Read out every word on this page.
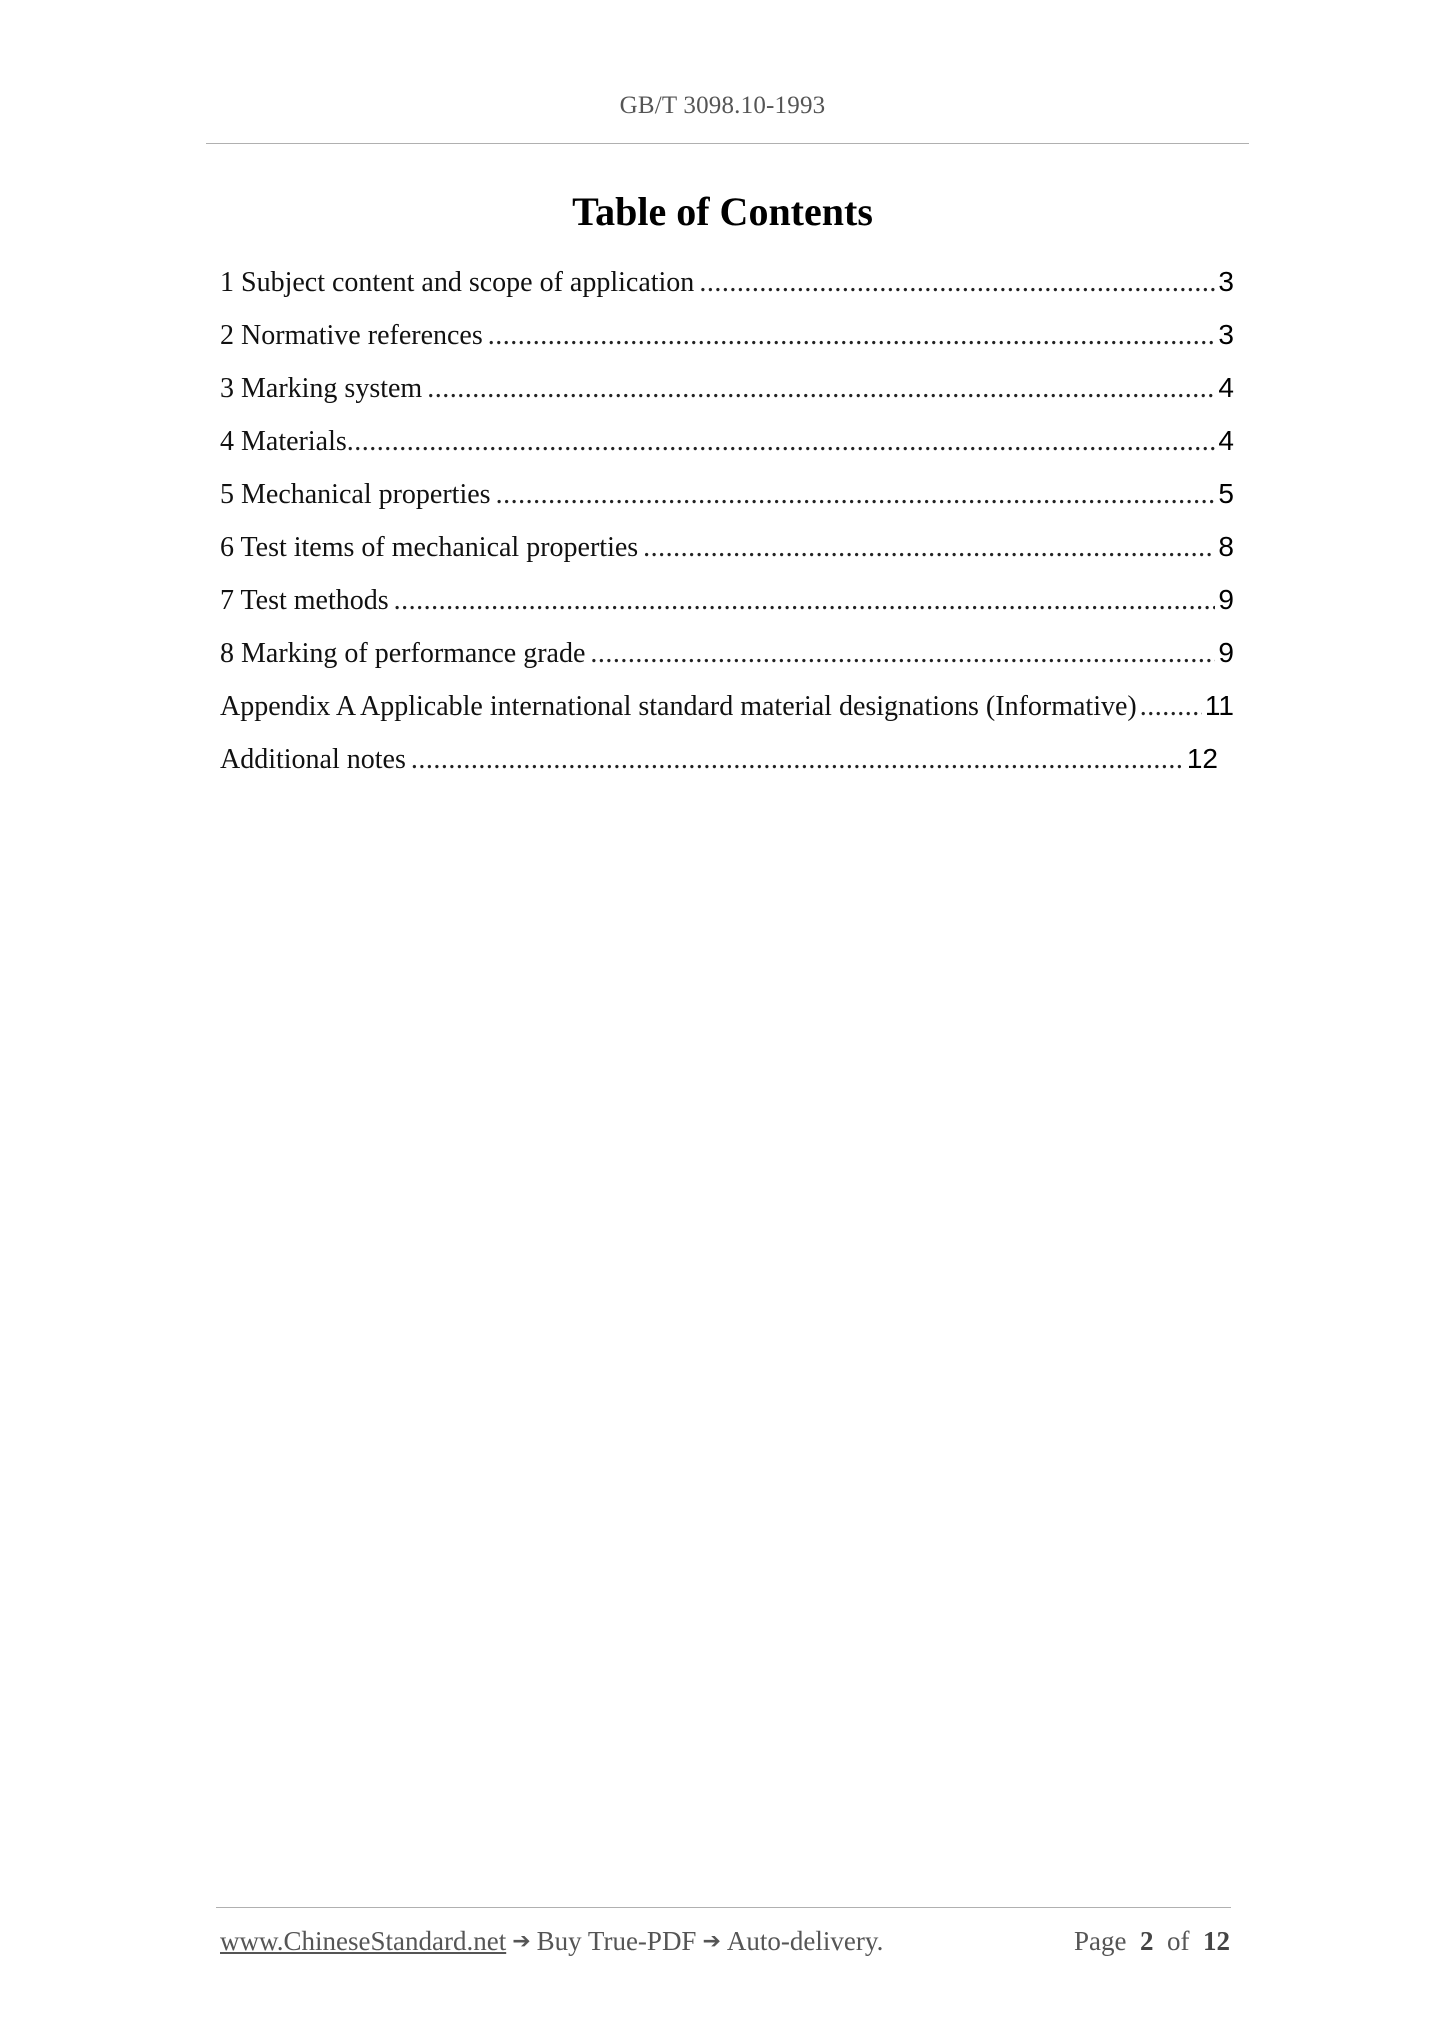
GB/T 3098.10-1993
Table of Contents
1 Subject content and scope of application .....	3
2 Normative references .....	3
3 Marking system .....	4
4 Materials .....	4
5 Mechanical properties .....	5
6 Test items of mechanical properties .....	8
7 Test methods .....	9
8 Marking of performance grade .....	9
Appendix A Applicable international standard material designations (Informative) ..... 11
Additional notes .....	12
www.ChineseStandard.net ➔ Buy True-PDF ➔ Auto-delivery.	Page 2 of 12
